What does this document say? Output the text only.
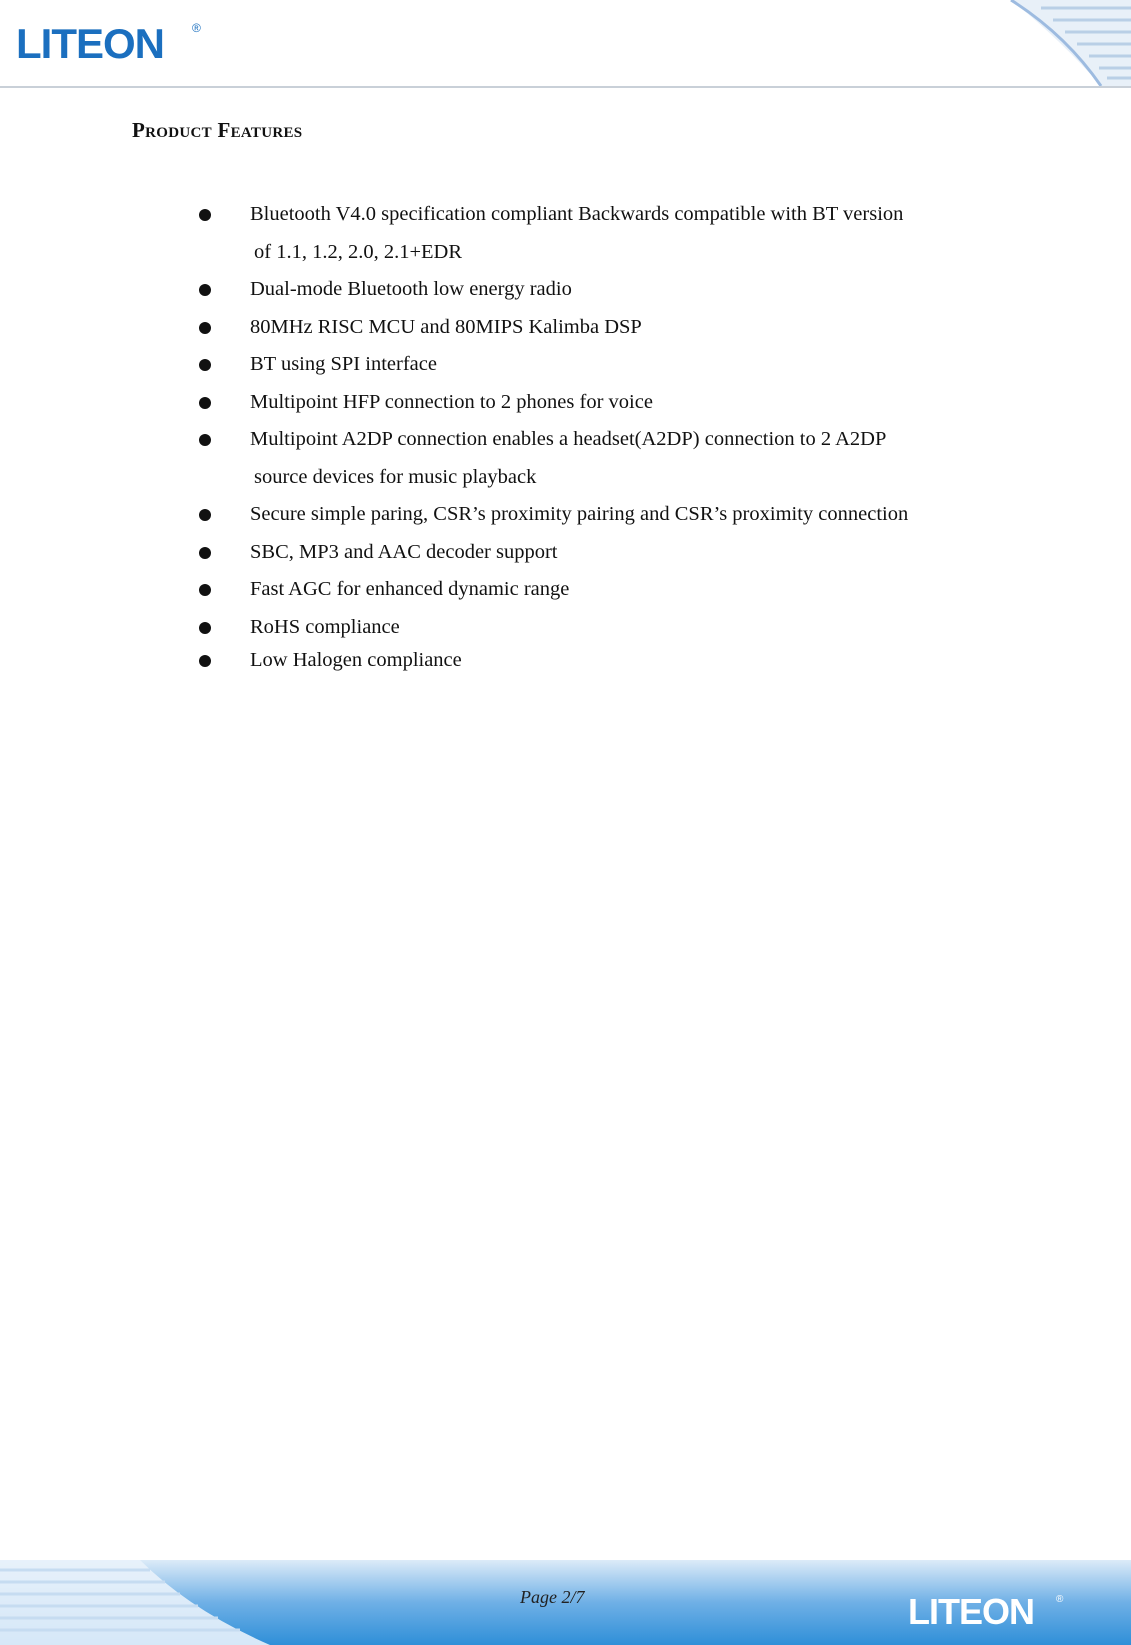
LITEON ®
Product Features
Bluetooth V4.0 specification compliant Backwards compatible with BT version
of 1.1, 1.2, 2.0, 2.1+EDR
Dual-mode Bluetooth low energy radio
80MHz RISC MCU and 80MIPS Kalimba DSP
BT using SPI interface
Multipoint HFP connection to 2 phones for voice
Multipoint A2DP connection enables a headset(A2DP) connection to 2 A2DP
source devices for music playback
Secure simple paring, CSR’s proximity pairing and CSR’s proximity connection
SBC, MP3 and AAC decoder support
Fast AGC for enhanced dynamic range
RoHS compliance
Low Halogen compliance
Page 2/7	LITEON ®
